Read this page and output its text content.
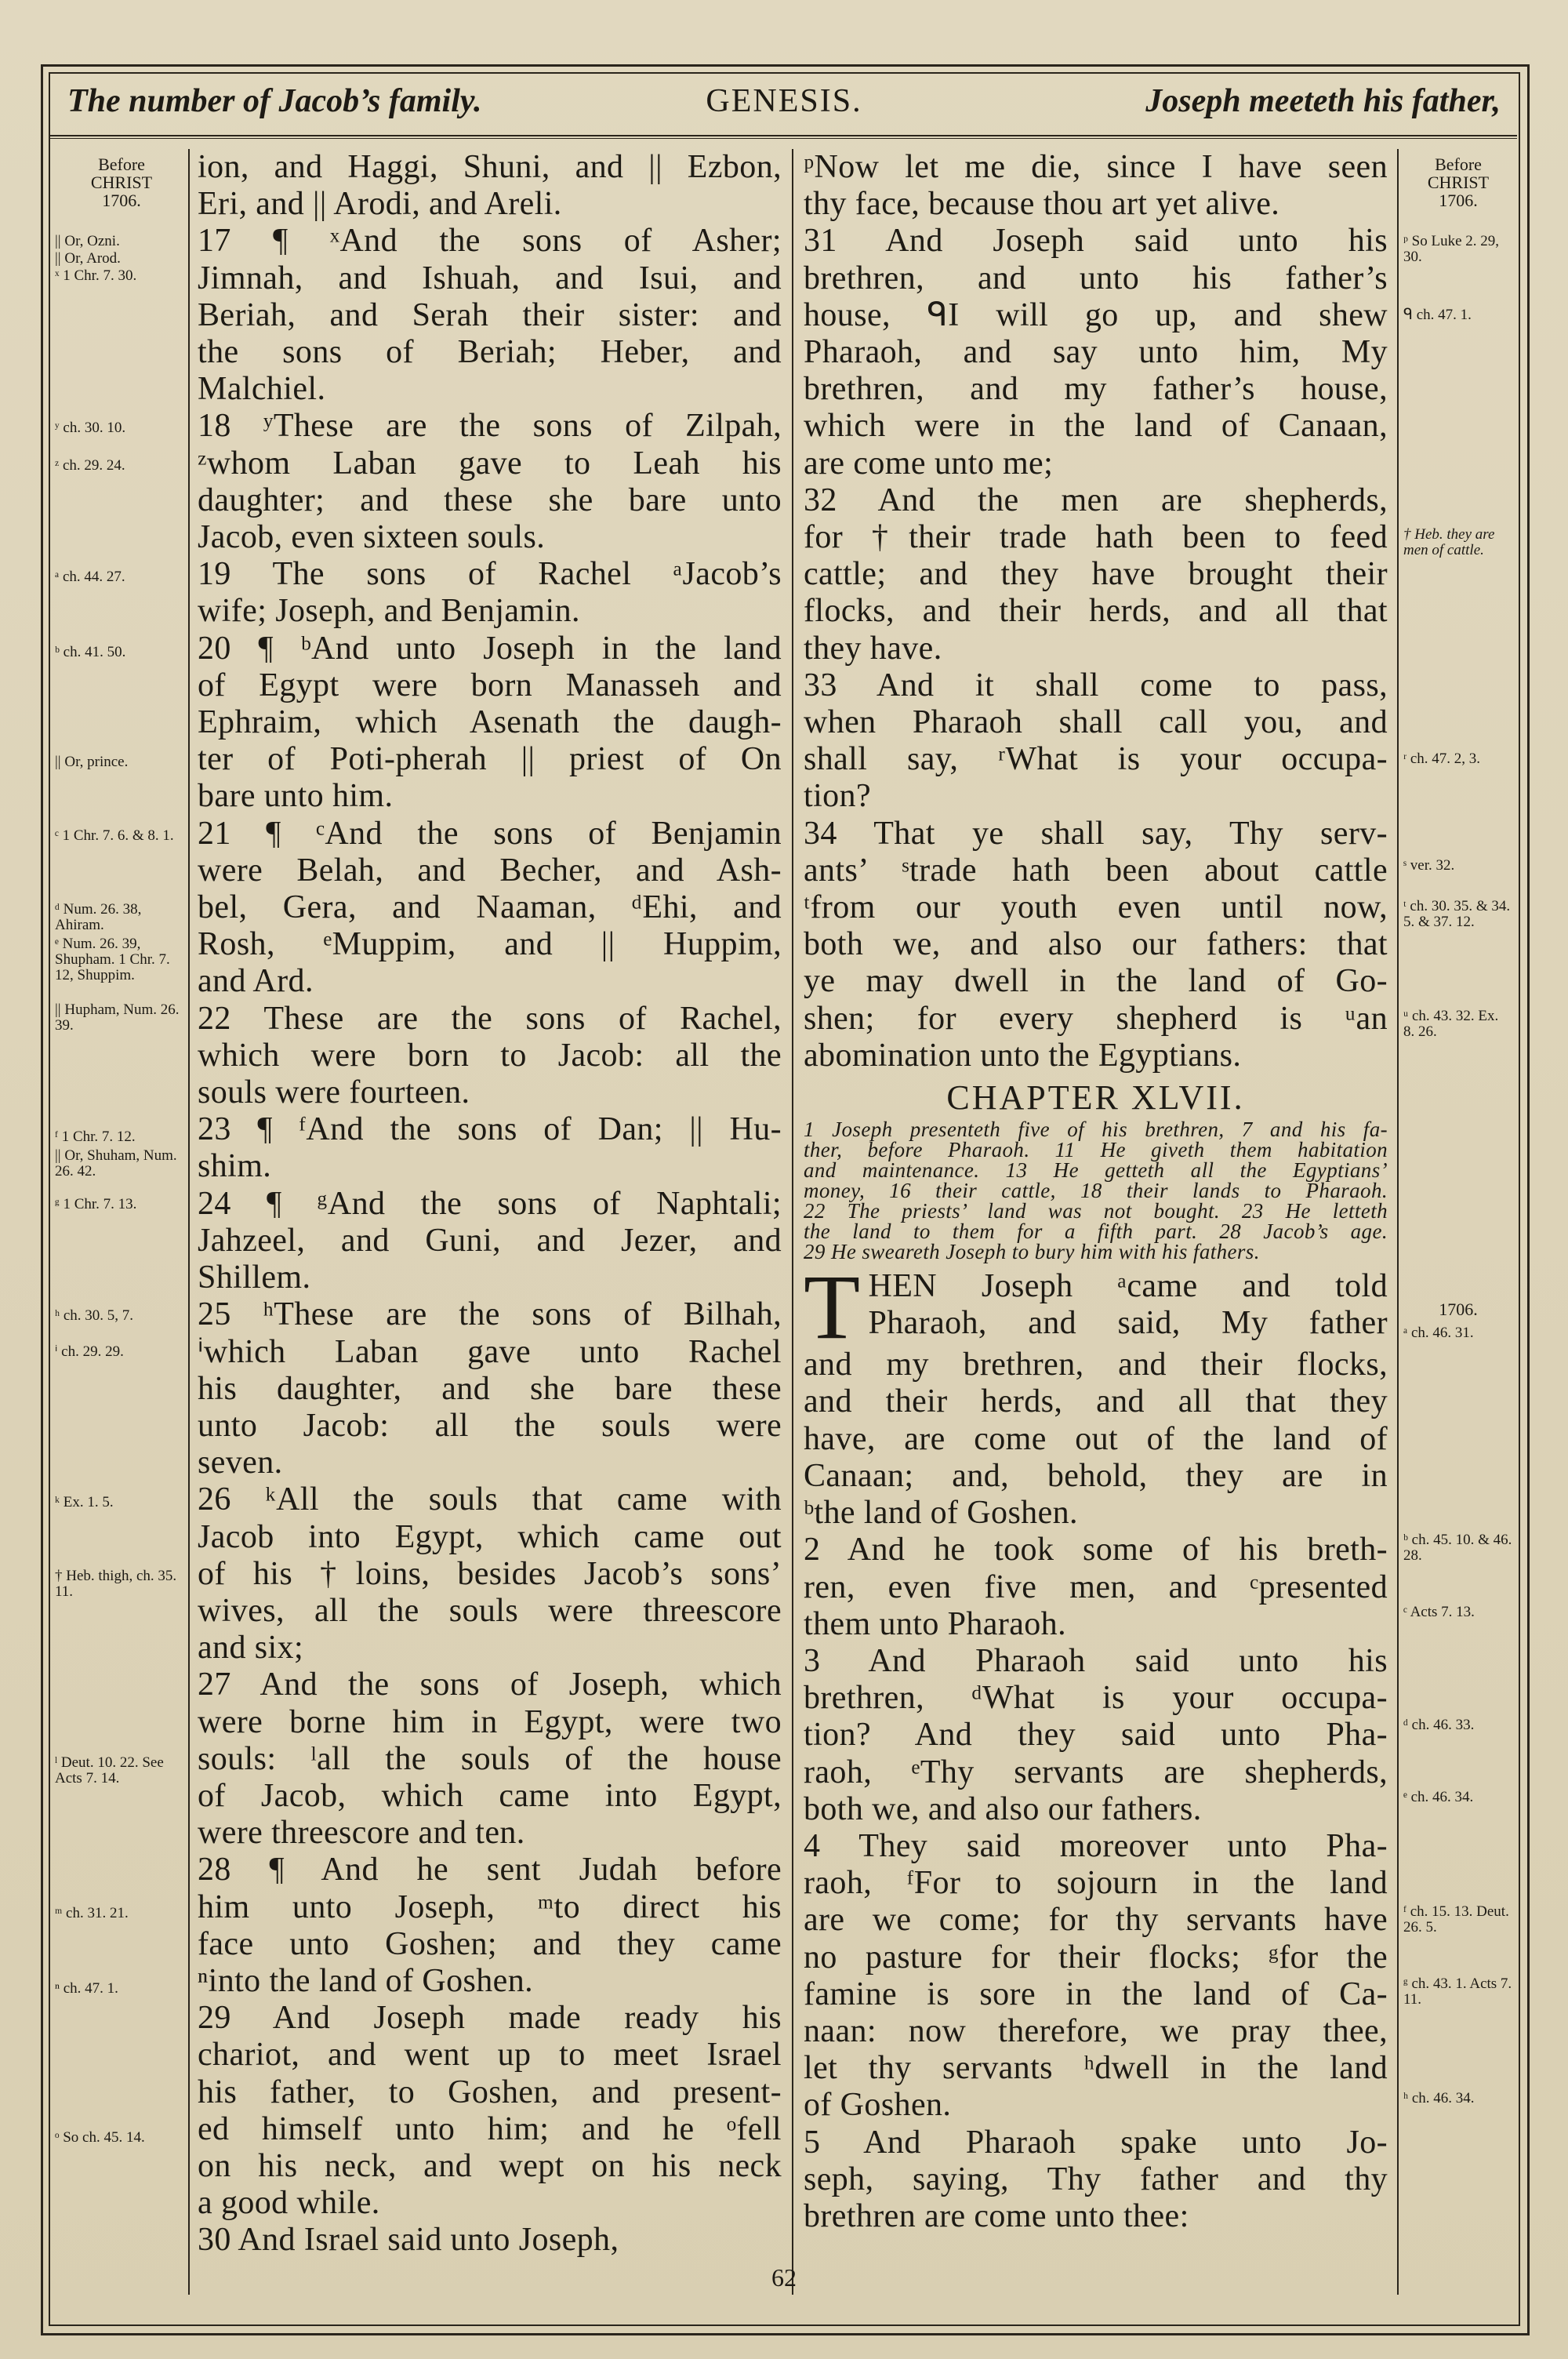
The number of Jacob’s family.	GENESIS.	Joseph meeteth his father,
Before
CHRIST
1706.
|| Or, Ozni.
|| Or, Arod.
ˣ 1 Chr. 7. 30.
ʸ ch. 30. 10.
ᶻ ch. 29. 24.
ᵃ ch. 44. 27.
ᵇ ch. 41. 50.
|| Or, prince.
ᶜ 1 Chr. 7. 6. & 8. 1.
ᵈ Num. 26. 38, Ahiram.
ᵉ Num. 26. 39, Shupham. 1 Chr. 7. 12, Shuppim.
|| Hupham, Num. 26. 39.
ᶠ 1 Chr. 7. 12.
|| Or, Shuham, Num. 26. 42.
ᵍ 1 Chr. 7. 13.
ʰ ch. 30. 5, 7.
ⁱ ch. 29. 29.
ᵏ Ex. 1. 5.
† Heb. thigh, ch. 35. 11.
ˡ Deut. 10. 22. See Acts 7. 14.
ᵐ ch. 31. 21.
ⁿ ch. 47. 1.
ᵒ So ch. 45. 14.
Before
CHRIST
1706.
ᵖ So Luke 2. 29, 30.
ᑫ ch. 47. 1.
† Heb. they are men of cattle.
ʳ ch. 47. 2, 3.
ˢ ver. 32.
ᵗ ch. 30. 35. & 34. 5. & 37. 12.
ᵘ ch. 43. 32. Ex. 8. 26.
1706.
ᵃ ch. 46. 31.
ᵇ ch. 45. 10. & 46. 28.
ᶜ Acts 7. 13.
ᵈ ch. 46. 33.
ᵉ ch. 46. 34.
ᶠ ch. 15. 13. Deut. 26. 5.
ᵍ ch. 43. 1. Acts 7. 11.
ʰ ch. 46. 34.

ion, and Haggi, Shuni, and || Ezbon,

Eri, and || Arodi, and Areli.

17 ¶ ˣAnd the sons of Asher;

Jimnah, and Ishuah, and Isui, and

Beriah, and Serah their sister: and

the sons of Beriah; Heber, and

Malchiel.

18 ʸThese are the sons of Zilpah,

ᶻwhom Laban gave to Leah his

daughter; and these she bare unto

Jacob, even sixteen souls.

19 The sons of Rachel ᵃJacob’s

wife; Joseph, and Benjamin.

20 ¶ ᵇAnd unto Joseph in the land

of Egypt were born Manasseh and

Ephraim, which Asenath the daugh-

ter of Poti-pherah || priest of On

bare unto him.

21 ¶ ᶜAnd the sons of Benjamin

were Belah, and Becher, and Ash-

bel, Gera, and Naaman, ᵈEhi, and

Rosh, ᵉMuppim, and || Huppim,

and Ard.

22 These are the sons of Rachel,

which were born to Jacob: all the

souls were fourteen.

23 ¶ ᶠAnd the sons of Dan; || Hu-

shim.

24 ¶ ᵍAnd the sons of Naphtali;

Jahzeel, and Guni, and Jezer, and

Shillem.

25 ʰThese are the sons of Bilhah,

ⁱwhich Laban gave unto Rachel

his daughter, and she bare these

unto Jacob: all the souls were

seven.

26 ᵏAll the souls that came with

Jacob into Egypt, which came out

of his †loins, besides Jacob’s sons’

wives, all the souls were threescore

and six;

27 And the sons of Joseph, which

were borne him in Egypt, were two

souls: ˡall the souls of the house

of Jacob, which came into Egypt,

were threescore and ten.

28 ¶ And he sent Judah before

him unto Joseph, ᵐto direct his

face unto Goshen; and they came

ⁿinto the land of Goshen.

29 And Joseph made ready his

chariot, and went up to meet Israel

his father, to Goshen, and present-

ed himself unto him; and he ᵒfell

on his neck, and wept on his neck

a good while.

30 And Israel said unto Joseph,

ᵖNow let me die, since I have seen

thy face, because thou art yet alive.

31 And Joseph said unto his

brethren, and unto his father’s

house, ᑫI will go up, and shew

Pharaoh, and say unto him, My

brethren, and my father’s house,

which were in the land of Canaan,

are come unto me;

32 And the men are shepherds,

for †their trade hath been to feed

cattle; and they have brought their

flocks, and their herds, and all that

they have.

33 And it shall come to pass,

when Pharaoh shall call you, and

shall say, ʳWhat is your occupa-

tion?

34 That ye shall say, Thy serv-

ants’ ˢtrade hath been about cattle

ᵗfrom our youth even until now,

both we, and also our fathers: that

ye may dwell in the land of Go-

shen; for every shepherd is ᵘan

abomination unto the Egyptians.

CHAPTER XLVII.

1 Joseph presenteth five of his brethren, 7 and his fa-

ther, before Pharaoh. 11 He giveth them habitation

and maintenance. 13 He getteth all the Egyptians’

money, 16 their cattle, 18 their lands to Pharaoh.

22 The priests’ land was not bought. 23 He letteth

the land to them for a fifth part. 28 Jacob’s age.

29 He sweareth Joseph to bury him with his fathers.

T HEN Joseph ᵃcame and told

Pharaoh, and said, My father

and my brethren, and their flocks,

and their herds, and all that they

have, are come out of the land of

Canaan; and, behold, they are in

ᵇthe land of Goshen.

2 And he took some of his breth-

ren, even five men, and ᶜpresented

them unto Pharaoh.

3 And Pharaoh said unto his

brethren, ᵈWhat is your occupa-

tion? And they said unto Pha-

raoh, ᵉThy servants are shepherds,

both we, and also our fathers.

4 They said moreover unto Pha-

raoh, ᶠFor to sojourn in the land

are we come; for thy servants have

no pasture for their flocks; ᵍfor the

famine is sore in the land of Ca-

naan: now therefore, we pray thee,

let thy servants ʰdwell in the land

of Goshen.

5 And Pharaoh spake unto Jo-

seph, saying, Thy father and thy

brethren are come unto thee:

62
